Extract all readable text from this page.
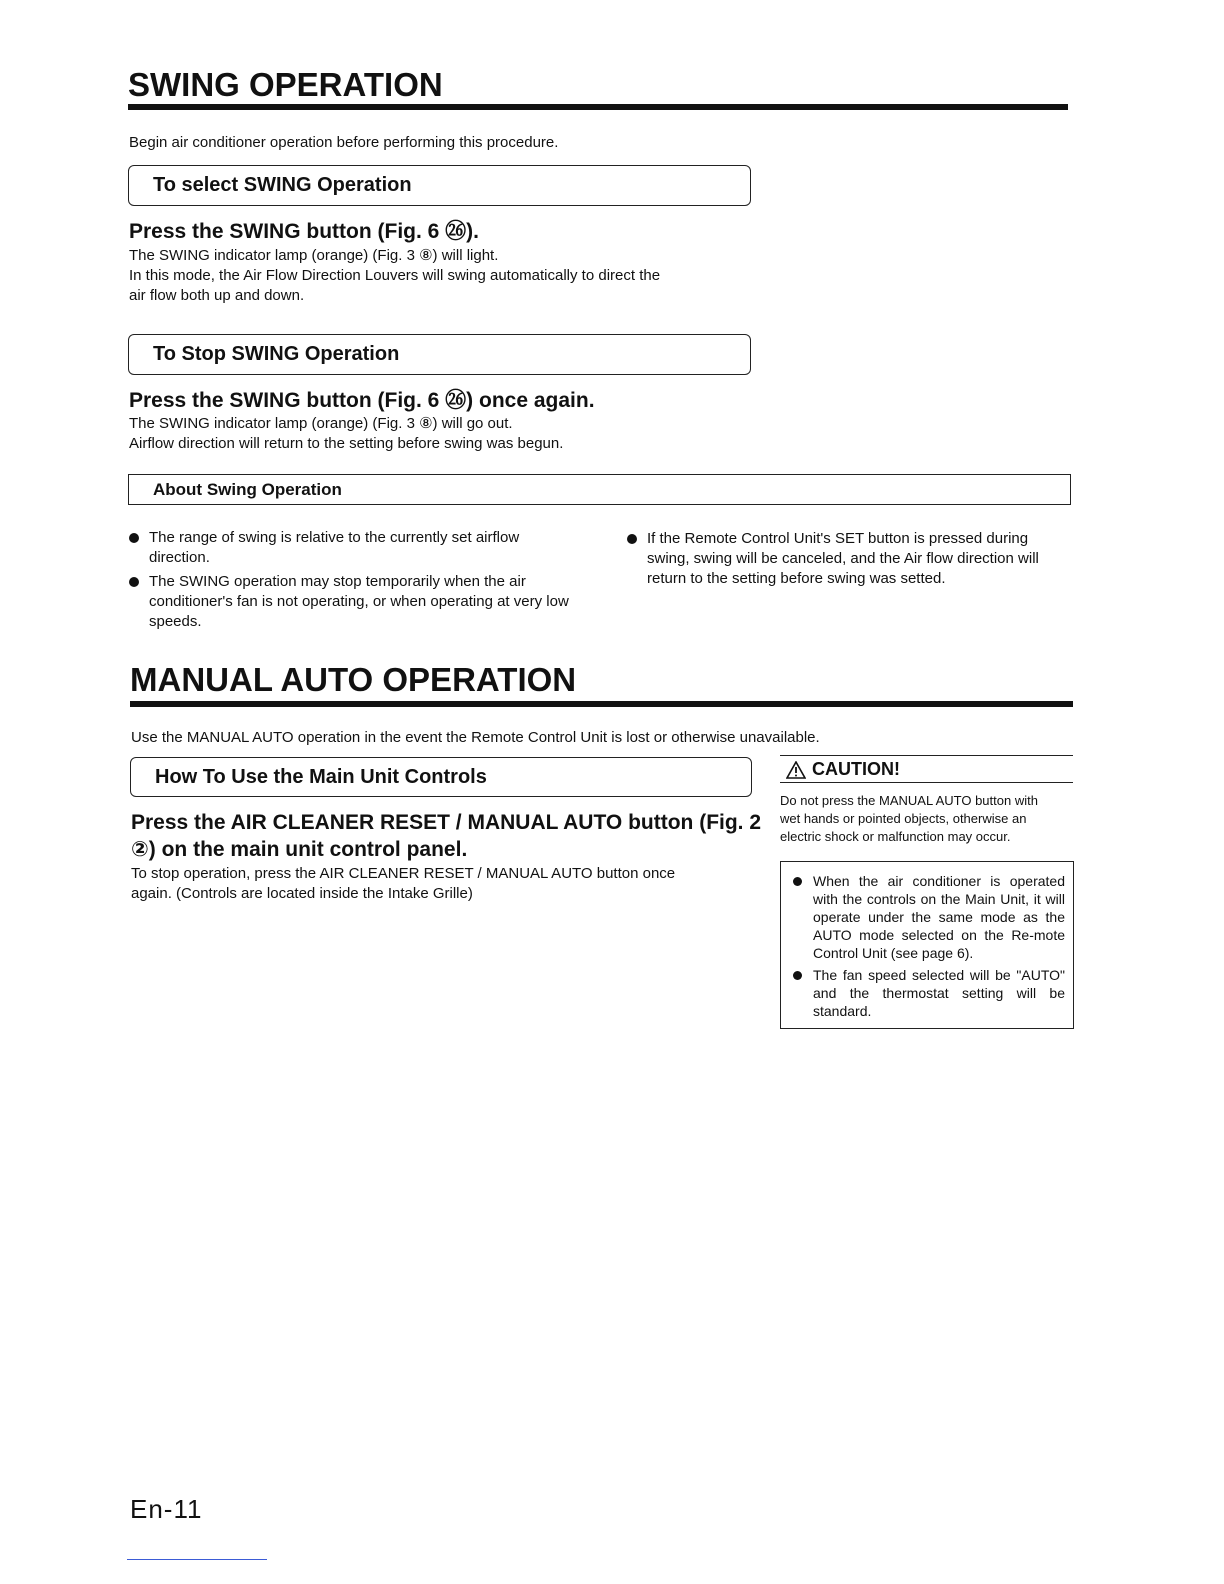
SWING OPERATION
Begin air conditioner operation before performing this procedure.
To select SWING Operation
Press the SWING button (Fig. 6 ㉖).
The SWING indicator lamp (orange) (Fig. 3 ⑧) will light.
In this mode, the Air Flow Direction Louvers will swing automatically to direct the
air flow both up and down.
To Stop SWING Operation
Press the SWING button (Fig. 6 ㉖) once again.
The SWING indicator lamp (orange) (Fig. 3 ⑧) will go out.
Airflow direction will return to the setting before swing was begun.
About Swing Operation
The range of swing is relative to the currently set airflow direction.
The SWING operation may stop temporarily when the air conditioner's fan is not operating, or when operating at very low speeds.
If the Remote Control Unit's SET button is pressed during swing, swing will be canceled, and the Air flow direction will return to the setting before swing was setted.
MANUAL AUTO OPERATION
Use the MANUAL AUTO operation in the event the Remote Control Unit is lost or otherwise unavailable.
How To Use the Main Unit Controls
Press the AIR CLEANER RESET / MANUAL AUTO button (Fig. 2
②) on the main unit control panel.
To stop operation, press the AIR CLEANER RESET / MANUAL AUTO button once
again. (Controls are located inside the Intake Grille)
CAUTION!
Do not press the MANUAL AUTO button with
wet hands or pointed objects, otherwise an
electric shock or malfunction may occur.
When the air conditioner is operated with the controls on the Main Unit, it will operate under the same mode as the AUTO mode selected on the Re-mote Control Unit (see page 6).
The fan speed selected will be "AUTO" and the thermostat setting will be standard.
En-11
